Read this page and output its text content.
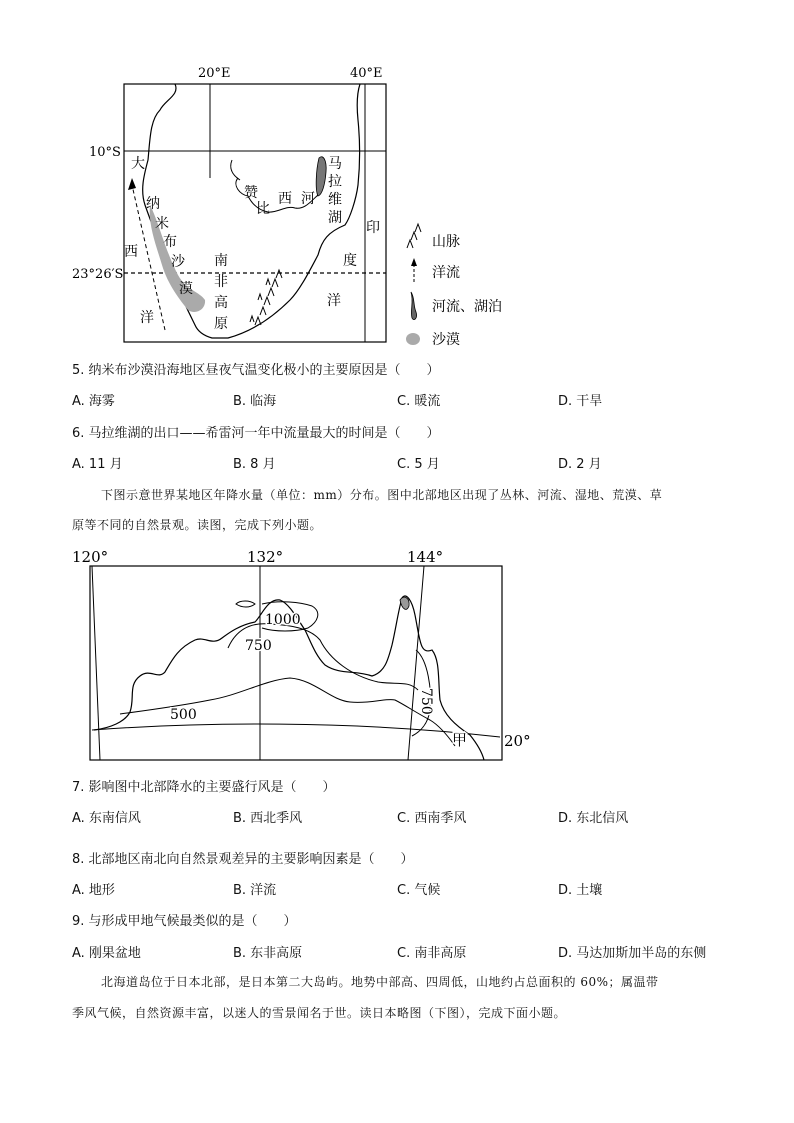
20°E	40°E
10°S
23°26′S
大
西
洋
纳
米
布
沙
漠
南
非
高
原
赞
比
西 河
马
拉
维
湖
印
度
洋
山脉
洋流
河流、湖泊
沙漠
5. 纳米布沙漠沿海地区昼夜气温变化极小的主要原因是（　　）
A. 海雾	B. 临海	C. 暖流	D. 干旱
6. 马拉维湖的出口——希雷河一年中流量最大的时间是（　　）
A. 11 月	B. 8 月	C. 5 月	D. 2 月
下图示意世界某地区年降水量（单位：mm）分布。图中北部地区出现了丛林、河流、湿地、荒漠、草
原等不同的自然景观。读图，完成下列小题。
120°	132°	144°
20°
1000
750
500
750
甲
7. 影响图中北部降水的主要盛行风是（　　）
A. 东南信风	B. 西北季风	C. 西南季风	D. 东北信风
8. 北部地区南北向自然景观差异的主要影响因素是（　　）
A. 地形	B. 洋流	C. 气候	D. 土壤
9. 与形成甲地气候最类似的是（　　）
A. 刚果盆地	B. 东非高原	C. 南非高原	D. 马达加斯加半岛的东侧
北海道岛位于日本北部，是日本第二大岛屿。地势中部高、四周低，山地约占总面积的 60%；属温带
季风气候，自然资源丰富，以迷人的雪景闻名于世。读日本略图（下图），完成下面小题。
